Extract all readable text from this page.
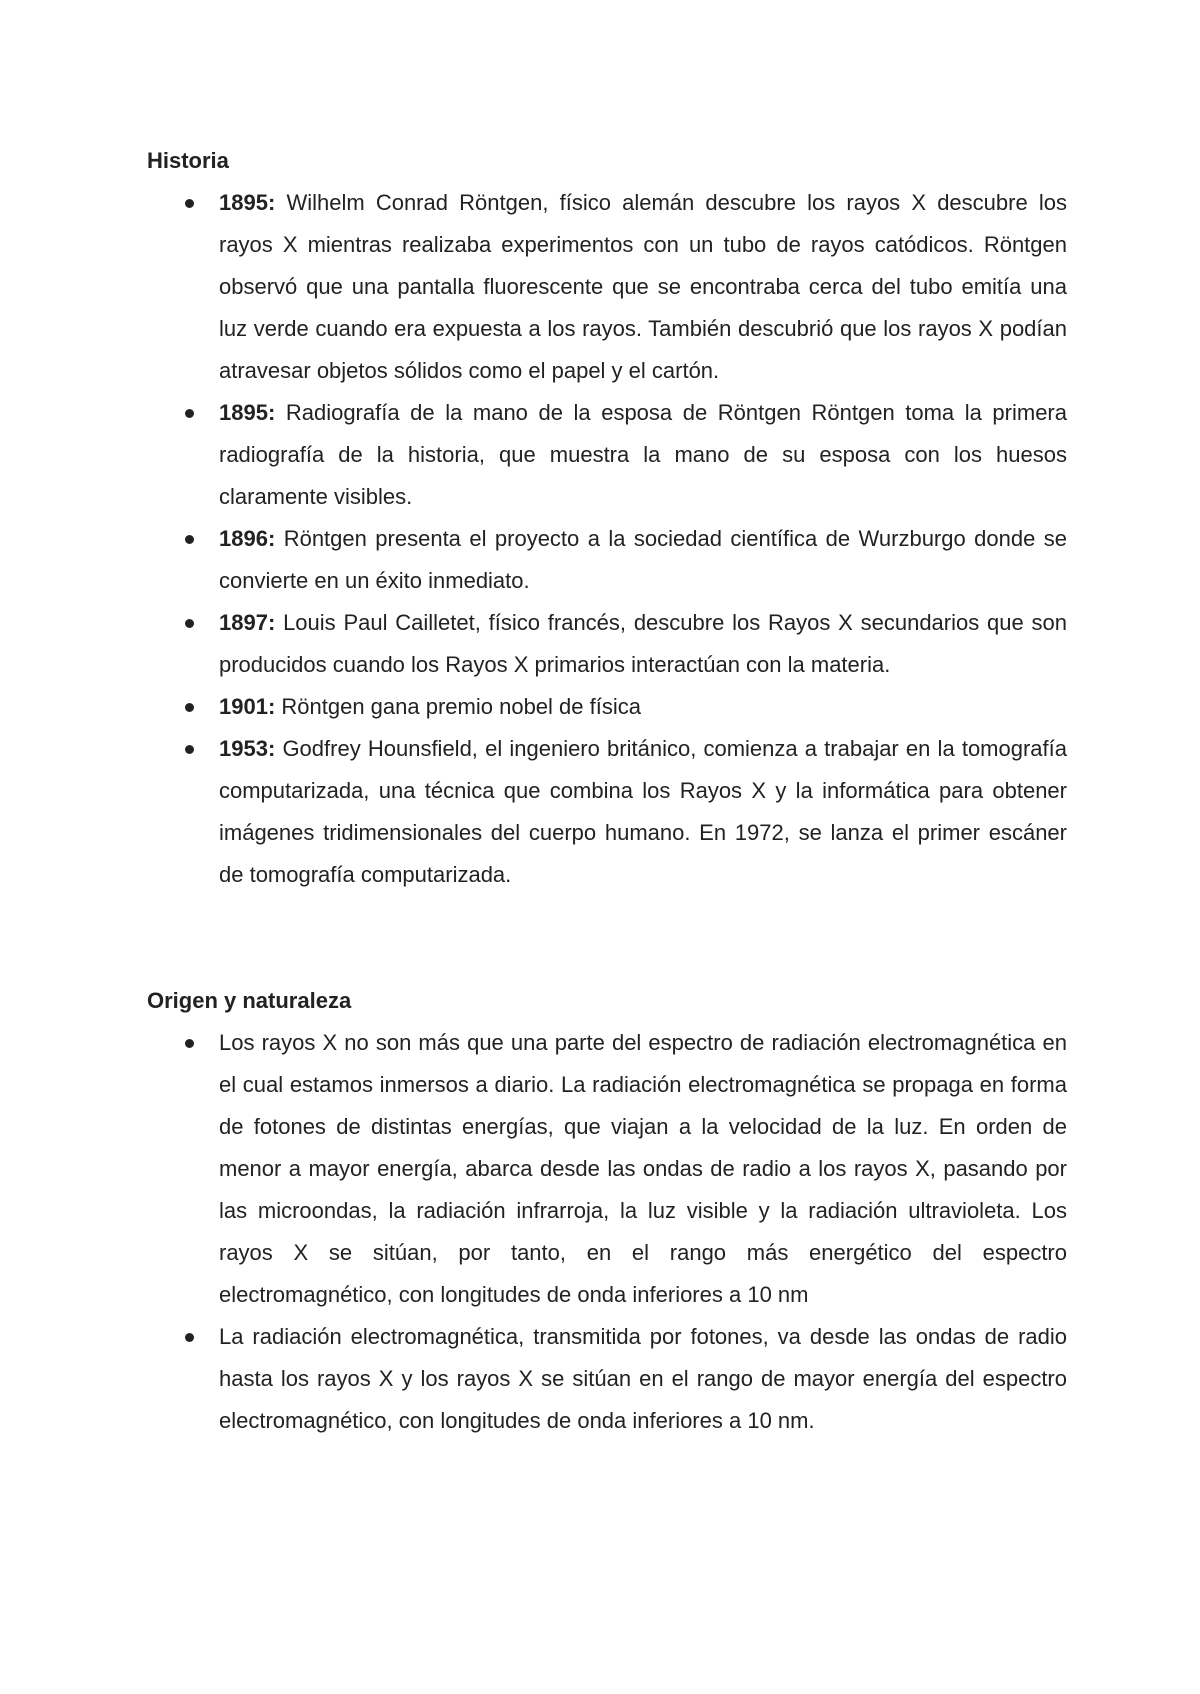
Historia

1895: Wilhelm Conrad Röntgen, físico alemán descubre los rayos X descubre los rayos X mientras realizaba experimentos con un tubo de rayos catódicos. Röntgen observó que una pantalla fluorescente que se encontraba cerca del tubo emitía una luz verde cuando era expuesta a los rayos. También descubrió que los rayos X podían atravesar objetos sólidos como el papel y el cartón.
1895: Radiografía de la mano de la esposa de Röntgen Röntgen toma la primera radiografía de la historia, que muestra la mano de su esposa con los huesos claramente visibles.
1896: Röntgen presenta el proyecto a la sociedad científica de Wurzburgo donde se convierte en un éxito inmediato.
1897: Louis Paul Cailletet, físico francés, descubre los Rayos X secundarios que son producidos cuando los Rayos X primarios interactúan con la materia.
1901: Röntgen gana premio nobel de física
1953: Godfrey Hounsfield, el ingeniero británico, comienza a trabajar en la tomografía computarizada, una técnica que combina los Rayos X y la informática para obtener imágenes tridimensionales del cuerpo humano. En 1972, se lanza el primer escáner de tomografía computarizada.

Origen y naturaleza

Los rayos X no son más que una parte del espectro de radiación electromagnética en el cual estamos inmersos a diario. La radiación electromagnética se propaga en forma de fotones de distintas energías, que viajan a la velocidad de la luz. En orden de menor a mayor energía, abarca desde las ondas de radio a los rayos X, pasando por las microondas, la radiación infrarroja, la luz visible y la radiación ultravioleta. Los rayos X se sitúan, por tanto, en el rango más energético del espectro electromagnético, con longitudes de onda inferiores a 10 nm
La radiación electromagnética, transmitida por fotones, va desde las ondas de radio hasta los rayos X y los rayos X se sitúan en el rango de mayor energía del espectro electromagnético, con longitudes de onda inferiores a 10 nm.
